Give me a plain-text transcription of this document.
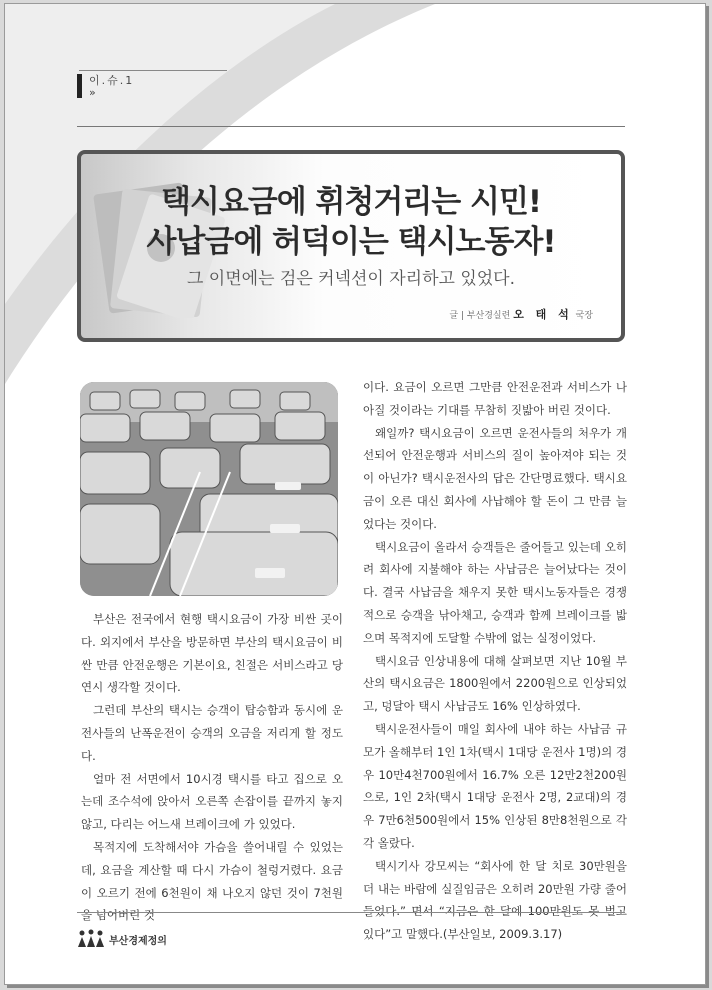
이.슈.1
»
택시요금에 휘청거리는 시민!
사납금에 허덕이는 택시노동자!
그 이면에는 검은 커넥션이 자리하고 있었다.
글 | 부산경실련 오 태 석 국장

부산은 전국에서 현행 택시요금이 가장 비싼 곳이다. 외지에서 부산을 방문하면 부산의 택시요금이 비싼 만큼 안전운행은 기본이요, 친절은 서비스라고 당연시 생각할 것이다.

그런데 부산의 택시는 승객이 탑승함과 동시에 운전사들의 난폭운전이 승객의 오금을 저리게 할 정도다.

얼마 전 서면에서 10시경 택시를 타고 집으로 오는데 조수석에 앉아서 오른쪽 손잡이를 끝까지 놓지 않고, 다리는 어느새 브레이크에 가 있었다.

목적지에 도착해서야 가슴을 쓸어내릴 수 있었는데, 요금을 계산할 때 다시 가슴이 철렁거렸다. 요금이 오르기 전에 6천원이 채 나오지 않던 것이 7천원을 넘어버린 것

이다. 요금이 오르면 그만큼 안전운전과 서비스가 나아질 것이라는 기대를 무참히 짓밟아 버린 것이다.

왜일까? 택시요금이 오르면 운전사들의 처우가 개선되어 안전운행과 서비스의 질이 높아져야 되는 것이 아닌가? 택시운전사의 답은 간단명료했다. 택시요금이 오른 대신 회사에 사납해야 할 돈이 그 만큼 늘었다는 것이다.

택시요금이 올라서 승객들은 줄어들고 있는데 오히려 회사에 지불해야 하는 사납금은 늘어났다는 것이다. 결국 사납금을 채우지 못한 택시노동자들은 경쟁적으로 승객을 낚아채고, 승객과 함께 브레이크를 밟으며 목적지에 도달할 수밖에 없는 실정이었다.

택시요금 인상내용에 대해 살펴보면 지난 10월 부산의 택시요금은 1800원에서 2200원으로 인상되었고, 덩달아 택시 사납금도 16% 인상하였다.

택시운전사들이 매일 회사에 내야 하는 사납금 규모가 올해부터 1인 1차(택시 1대당 운전사 1명)의 경우 10만4천700원에서 16.7% 오른 12만2천200원으로, 1인 2차(택시 1대당 운전사 2명, 2교대)의 경우 7만6천500원에서 15% 인상된 8만8천원으로 각각 올랐다.

택시기사 강모씨는 “회사에 한 달 치로 30만원을 더 내는 바람에 실질임금은 오히려 20만원 가량 줄어들었다.” 면서 “지금은 한 달에 100만원도 못 벌고 있다”고 말했다.(부산일보, 2009.3.17)

부산경제정의
